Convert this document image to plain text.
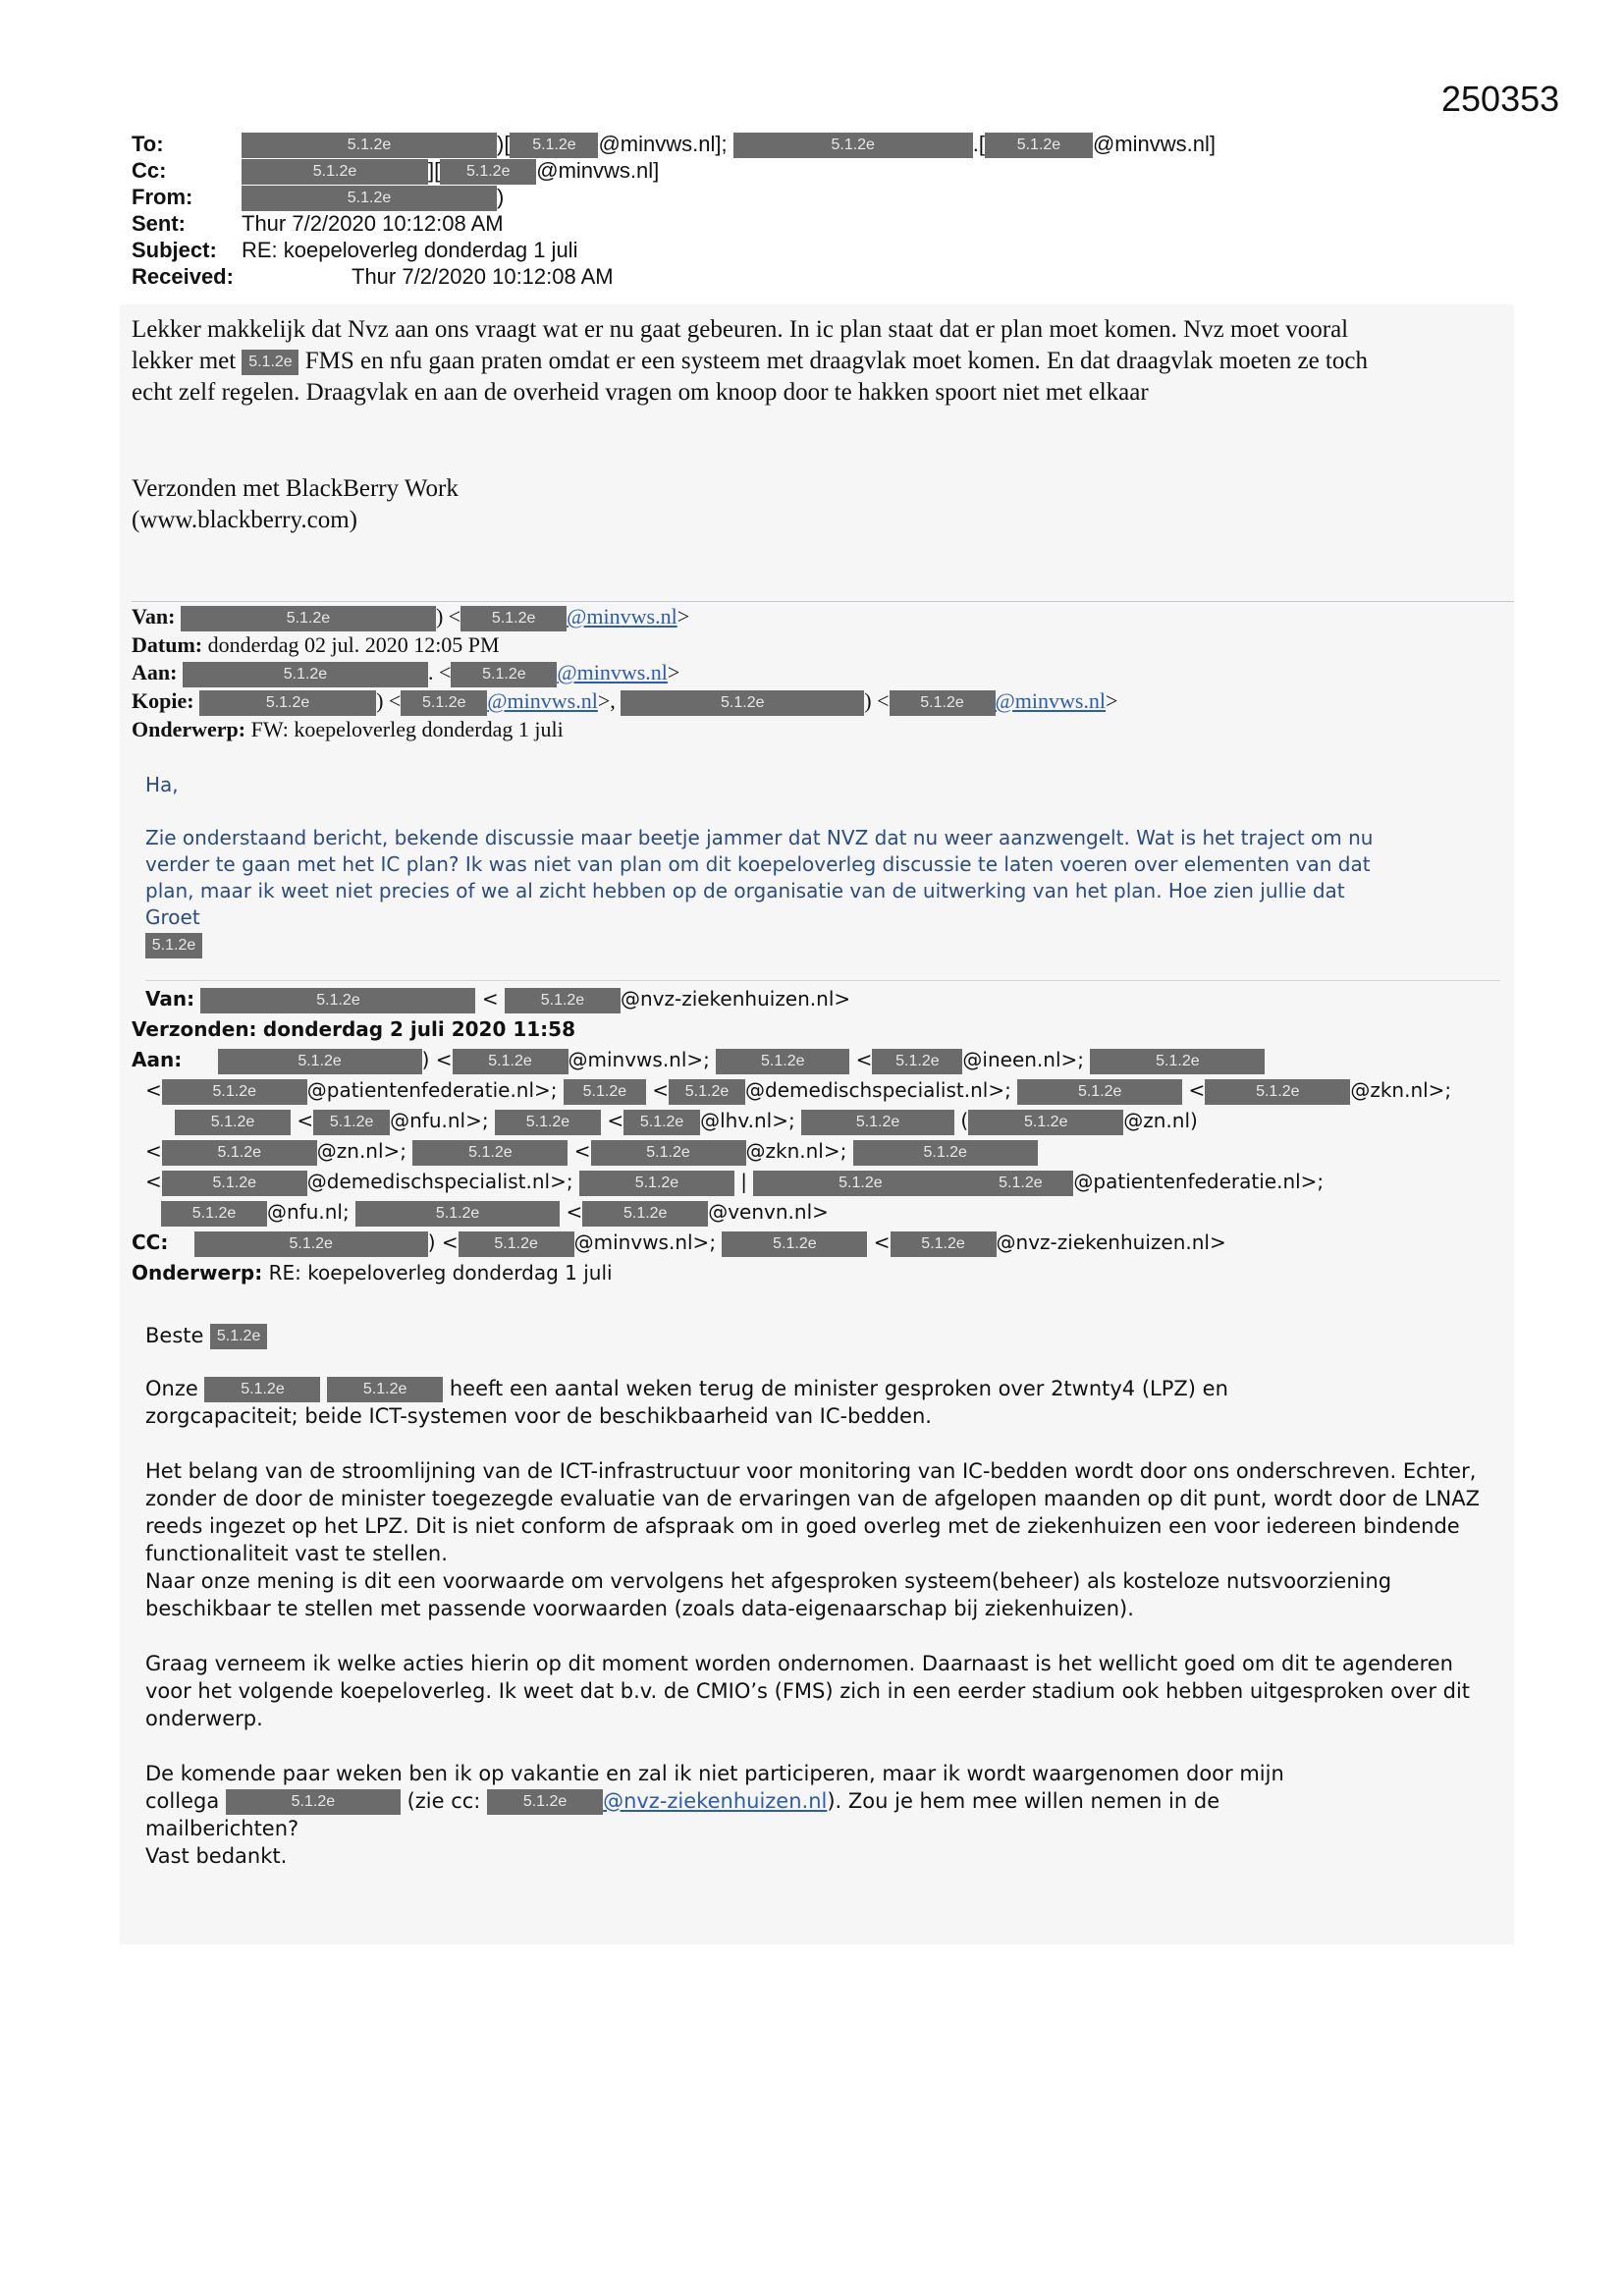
250353
To:	5.1.2e	)[ 5.1.2e @minvws.nl];	5.1.2e	.[ 5.1.2e @minvws.nl]
Cc:	5.1.2e	][ 5.1.2e @minvws.nl]
From:	5.1.2e	)
Sent:	Thur 7/2/2020 10:12:08 AM
Subject:	RE: koepeloverleg donderdag 1 juli
Received:	Thur 7/2/2020 10:12:08 AM
Lekker makkelijk dat Nvz aan ons vraagt wat er nu gaat gebeuren. In ic plan staat dat er plan moet komen. Nvz moet vooral
lekker met 5.1.2e FMS en nfu gaan praten omdat er een systeem met draagvlak moet komen. En dat draagvlak moeten ze toch
echt zelf regelen. Draagvlak en aan de overheid vragen om knoop door te hakken spoort niet met elkaar
Verzonden met BlackBerry Work
(www.blackberry.com)
Van:	5.1.2e	) < 5.1.2e @minvws.nl>
Datum: donderdag 02 jul. 2020 12:05 PM
Aan:	5.1.2e	. < 5.1.2e @minvws.nl>
Kopie:	5.1.2e	) < 5.1.2e @minvws.nl>,	5.1.2e	) < 5.1.2e @minvws.nl>
Onderwerp: FW: koepeloverleg donderdag 1 juli
Ha,
Zie onderstaand bericht, bekende discussie maar beetje jammer dat NVZ dat nu weer aanzwengelt. Wat is het traject om nu
verder te gaan met het IC plan? Ik was niet van plan om dit koepeloverleg discussie te laten voeren over elementen van dat
plan, maar ik weet niet precies of we al zicht hebben op de organisatie van de uitwerking van het plan. Hoe zien jullie dat
Groet
5.1.2e
Van:	5.1.2e	< 5.1.2e @nvz-ziekenhuizen.nl>
Verzonden: donderdag 2 juli 2020 11:58
Aan:	5.1.2e	) < 5.1.2e @minvws.nl>;	5.1.2e < 5.1.2e @ineen.nl>;	5.1.2e
<	5.1.2e	@patientenfederatie.nl>; 5.1.2e < 5.1.2e @demedischspecialist.nl>;	5.1.2e	<	5.1.2e	@zkn.nl>;
5.1.2e < 5.1.2e @nfu.nl>; 5.1.2e < 5.1.2e @lhv.nl>;	5.1.2e	(	5.1.2e	@zn.nl)
<	5.1.2e	@zn.nl>;	5.1.2e	<	5.1.2e	@zkn.nl>;	5.1.2e
<	5.1.2e	@demedischspecialist.nl>;	5.1.2e	|	5.1.2e	5.1.2e @patientenfederatie.nl>;
5.1.2e @nfu.nl;	5.1.2e	<	5.1.2e @venvn.nl>
CC:	5.1.2e	) < 5.1.2e @minvws.nl>;	5.1.2e	< 5.1.2e @nvz-ziekenhuizen.nl>
Onderwerp: RE: koepeloverleg donderdag 1 juli
Beste 5.1.2e
Onze	5.1.2e	5.1.2e heeft een aantal weken terug de minister gesproken over 2twnty4 (LPZ) en
zorgcapaciteit; beide ICT-systemen voor de beschikbaarheid van IC-bedden.
Het belang van de stroomlijning van de ICT-infrastructuur voor monitoring van IC-bedden wordt door ons onderschreven. Echter, zonder de door de minister toegezegde evaluatie van de ervaringen van de afgelopen maanden op dit punt, wordt door de LNAZ reeds ingezet op het LPZ. Dit is niet conform de afspraak om in goed overleg met de ziekenhuizen een voor iedereen bindende functionaliteit vast te stellen.
Naar onze mening is dit een voorwaarde om vervolgens het afgesproken systeem(beheer) als kosteloze nutsvoorziening beschikbaar te stellen met passende voorwaarden (zoals data-eigenaarschap bij ziekenhuizen).
Graag verneem ik welke acties hierin op dit moment worden ondernomen. Daarnaast is het wellicht goed om dit te agenderen voor het volgende koepeloverleg. Ik weet dat b.v. de CMIO’s (FMS) zich in een eerder stadium ook hebben uitgesproken over dit onderwerp.
De komende paar weken ben ik op vakantie en zal ik niet participeren, maar ik wordt waargenomen door mijn
collega	5.1.2e	(zie cc:	5.1.2e @nvz-ziekenhuizen.nl). Zou je hem mee willen nemen in de
mailberichten?
Vast bedankt.
